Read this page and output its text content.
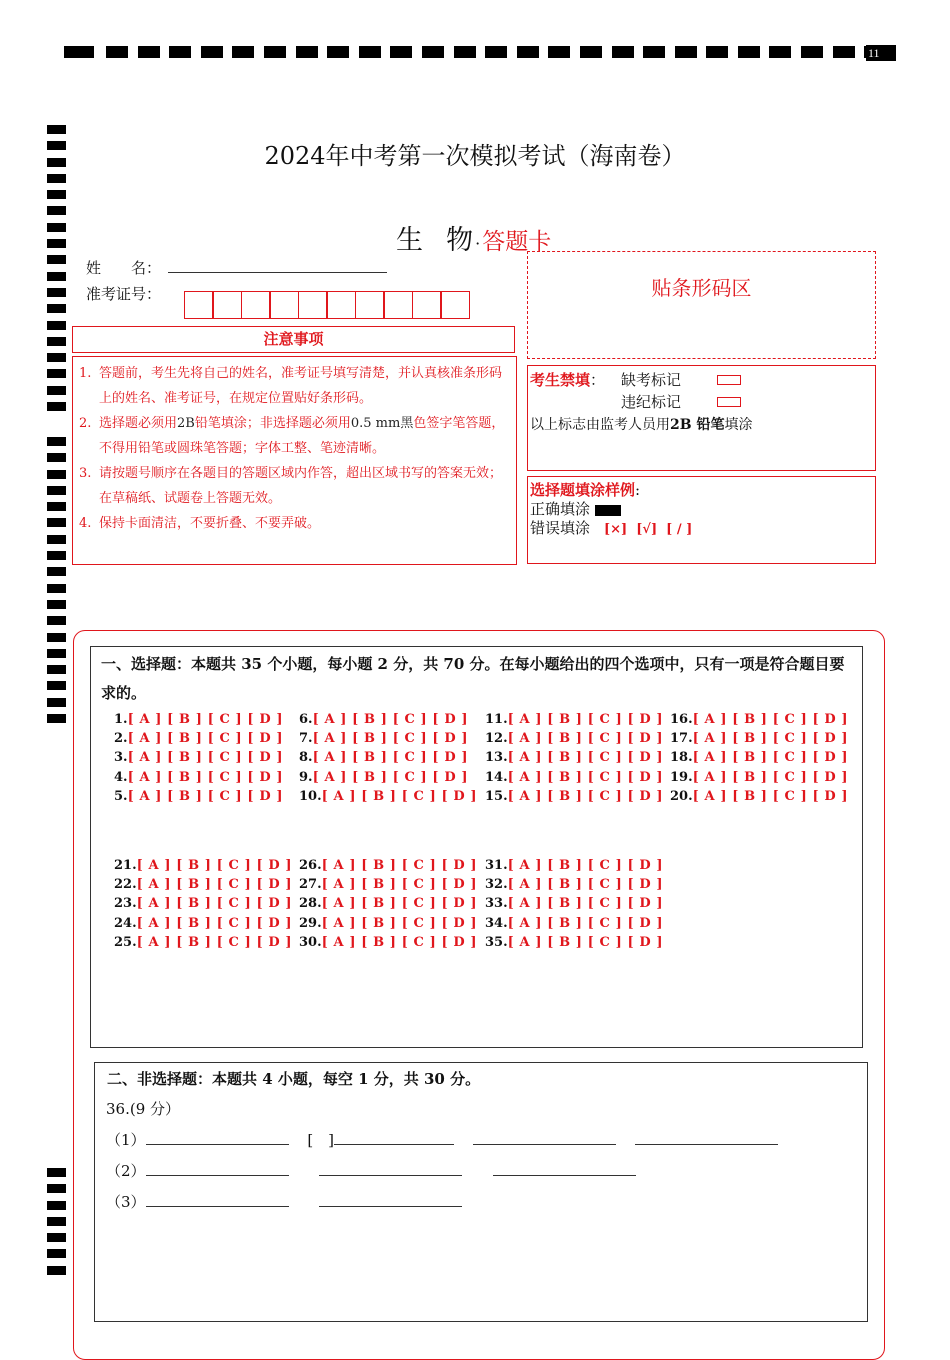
11
2024年中考第一次模拟考试（海南卷）
生  物·答题卡
姓　　名：
准考证号：
注意事项
1. 答题前，考生先将自己的姓名，准考证号填写清楚，并认真核准条形码上的姓名、准考证号，在规定位置贴好条形码。
2. 选择题必须用2B铅笔填涂；非选择题必须用0.5 mm黑色签字笔答题，不得用铅笔或圆珠笔答题；字体工整、笔迹清晰。
3. 请按题号顺序在各题目的答题区域内作答，超出区域书写的答案无效；在草稿纸、试题卷上答题无效。
4. 保持卡面清洁，不要折叠、不要弄破。
贴条形码区
考生禁填： 缺考标记
违纪标记
以上标志由监考人员用2B 铅笔填涂
选择题填涂样例:
正确填涂
错误填涂 [×]  [√]  [ / ]
一、选择题：本题共 35 个小题，每小题 2 分，共 70 分。在每小题给出的四个选项中，只有一项是符合题目要求的。
1.[ A ] [ B ] [ C ] [ D ]
2.[ A ] [ B ] [ C ] [ D ]
3.[ A ] [ B ] [ C ] [ D ]
4.[ A ] [ B ] [ C ] [ D ]
5.[ A ] [ B ] [ C ] [ D ]
6.[ A ] [ B ] [ C ] [ D ]
7.[ A ] [ B ] [ C ] [ D ]
8.[ A ] [ B ] [ C ] [ D ]
9.[ A ] [ B ] [ C ] [ D ]
10.[ A ] [ B ] [ C ] [ D ]
11.[ A ] [ B ] [ C ] [ D ]
12.[ A ] [ B ] [ C ] [ D ]
13.[ A ] [ B ] [ C ] [ D ]
14.[ A ] [ B ] [ C ] [ D ]
15.[ A ] [ B ] [ C ] [ D ]
16.[ A ] [ B ] [ C ] [ D ]
17.[ A ] [ B ] [ C ] [ D ]
18.[ A ] [ B ] [ C ] [ D ]
19.[ A ] [ B ] [ C ] [ D ]
20.[ A ] [ B ] [ C ] [ D ]
21.[ A ] [ B ] [ C ] [ D ]
22.[ A ] [ B ] [ C ] [ D ]
23.[ A ] [ B ] [ C ] [ D ]
24.[ A ] [ B ] [ C ] [ D ]
25.[ A ] [ B ] [ C ] [ D ]
26.[ A ] [ B ] [ C ] [ D ]
27.[ A ] [ B ] [ C ] [ D ]
28.[ A ] [ B ] [ C ] [ D ]
29.[ A ] [ B ] [ C ] [ D ]
30.[ A ] [ B ] [ C ] [ D ]
31.[ A ] [ B ] [ C ] [ D ]
32.[ A ] [ B ] [ C ] [ D ]
33.[ A ] [ B ] [ C ] [ D ]
34.[ A ] [ B ] [ C ] [ D ]
35.[ A ] [ B ] [ C ] [ D ]
二、非选择题：本题共 4 小题，每空 1 分，共 30 分。
36.(9 分）
（1）	[　]
（2）
（3）
